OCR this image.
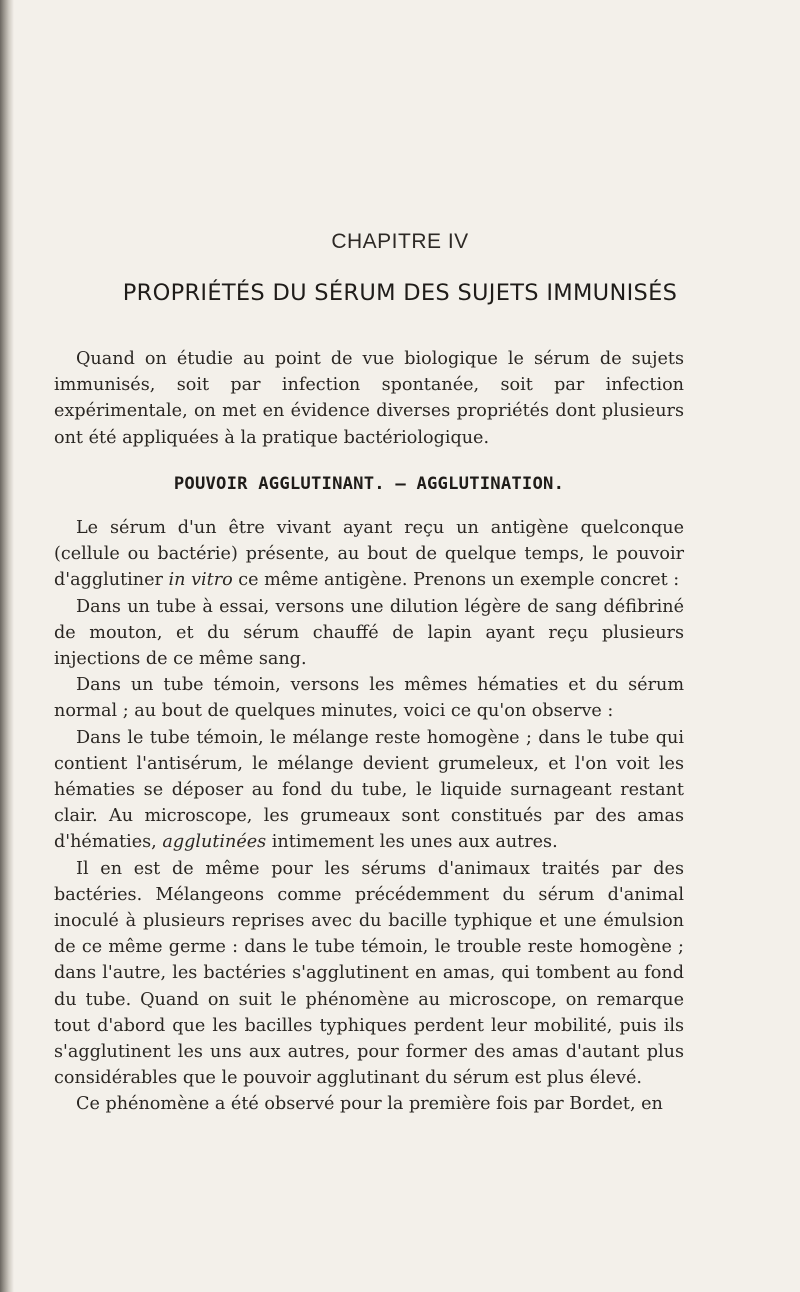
CHAPITRE IV
PROPRIÉTÉS DU SÉRUM DES SUJETS IMMUNISÉS

Quand on étudie au point de vue biologique le sérum de sujets immunisés, soit par infection spontanée, soit par infection expérimentale, on met en évidence diverses propriétés dont plusieurs ont été appliquées à la pratique bactériologique.

POUVOIR AGGLUTINANT. — AGGLUTINATION.

Le sérum d'un être vivant ayant reçu un antigène quelconque (cellule ou bactérie) présente, au bout de quelque temps, le pouvoir d'agglutiner in vitro ce même antigène. Prenons un exemple concret :

Dans un tube à essai, versons une dilution légère de sang défibriné de mouton, et du sérum chauffé de lapin ayant reçu plusieurs injections de ce même sang.

Dans un tube témoin, versons les mêmes hématies et du sérum normal ; au bout de quelques minutes, voici ce qu'on observe :

Dans le tube témoin, le mélange reste homogène ; dans le tube qui contient l'antisérum, le mélange devient grumeleux, et l'on voit les hématies se déposer au fond du tube, le liquide surnageant restant clair. Au microscope, les grumeaux sont constitués par des amas d'hématies, agglutinées intimement les unes aux autres.

Il en est de même pour les sérums d'animaux traités par des bactéries. Mélangeons comme précédemment du sérum d'animal inoculé à plusieurs reprises avec du bacille typhique et une émulsion de ce même germe : dans le tube témoin, le trouble reste homogène ; dans l'autre, les bactéries s'agglutinent en amas, qui tombent au fond du tube. Quand on suit le phénomène au microscope, on remarque tout d'abord que les bacilles typhiques perdent leur mobilité, puis ils s'agglutinent les uns aux autres, pour former des amas d'autant plus considérables que le pouvoir agglutinant du sérum est plus élevé.

Ce phénomène a été observé pour la première fois par Bordet, en
